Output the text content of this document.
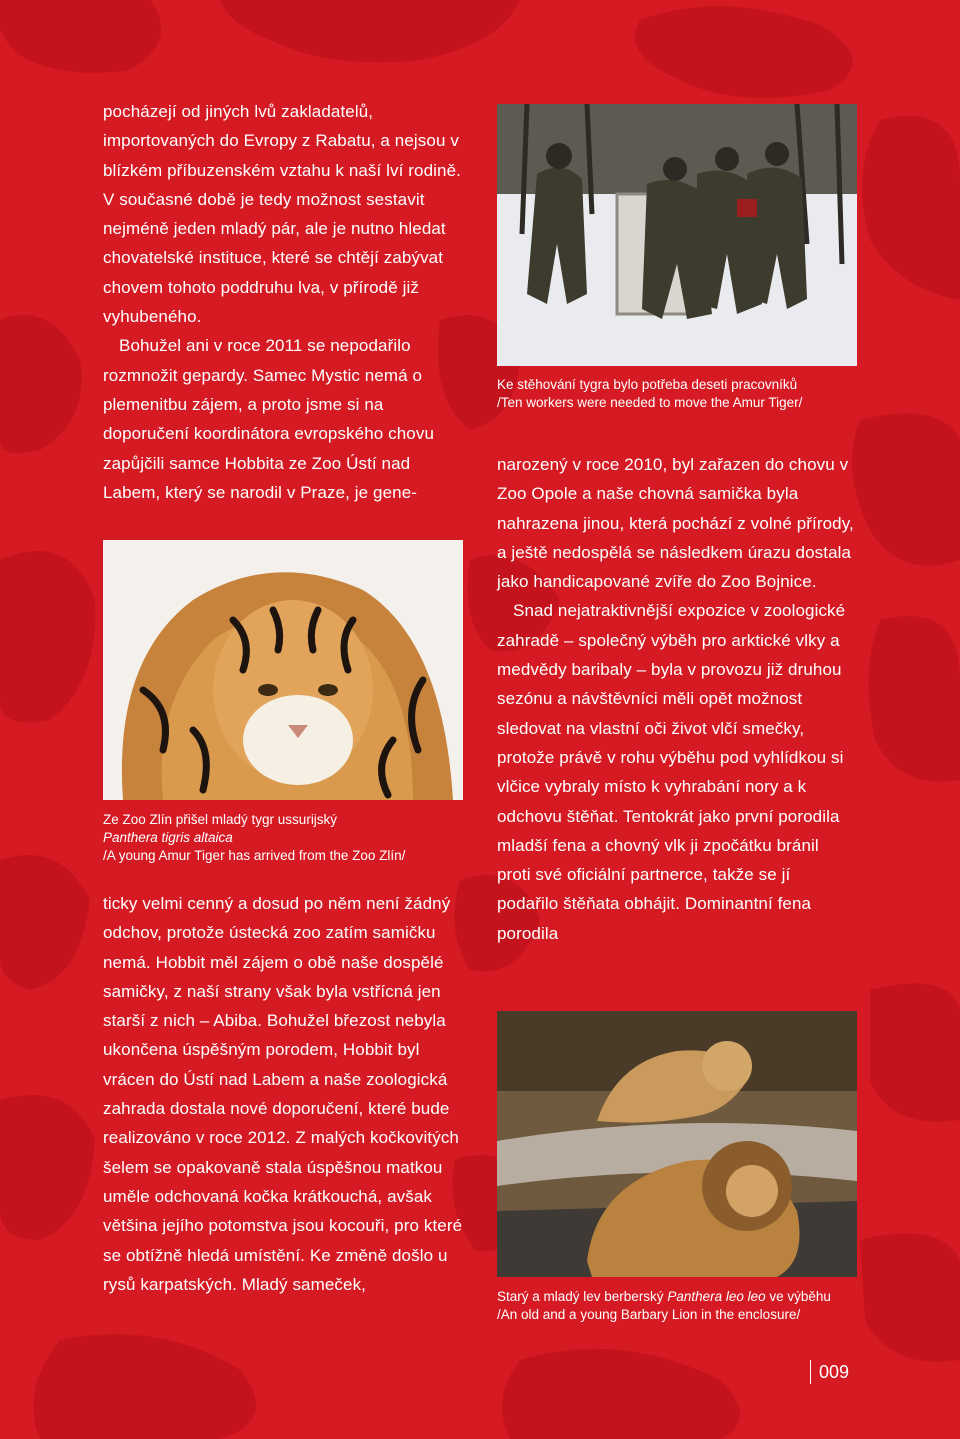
pocházejí od jiných lvů zakladatelů, importovaných do Evropy z Rabatu, a nejsou v blízkém příbuzenském vztahu k naší lví rodině. V současné době je tedy možnost sestavit nejméně jeden mladý pár, ale je nutno hledat chovatelské instituce, které se chtějí zabývat chovem tohoto poddruhu lva, v přírodě již vyhubeného.

Bohužel ani v roce 2011 se nepodařilo rozmnožit gepardy. Samec Mystic nemá o plemenitbu zájem, a proto jsme si na doporučení koordinátora evropského chovu zapůjčili samce Hobbita ze Zoo Ústí nad Labem, který se narodil v Praze, je gene-

Ze Zoo Zlín přišel mladý tygr ussurijský
Panthera tigris altaica
/A young Amur Tiger has arrived from the Zoo Zlín/

ticky velmi cenný a dosud po něm není žádný odchov, protože ústecká zoo zatím samičku nemá. Hobbit měl zájem o obě naše dospělé samičky, z naší strany však byla vstřícná jen starší z nich – Abiba. Bohužel březost nebyla ukončena úspěšným porodem, Hobbit byl vrácen do Ústí nad Labem a naše zoologická zahrada dostala nové doporučení, které bude realizováno v roce 2012. Z malých kočkovitých šelem se opakovaně stala úspěšnou matkou uměle odchovaná kočka krátkouchá, avšak většina jejího potomstva jsou kocouři, pro které se obtížně hledá umístění. Ke změně došlo u rysů karpatských. Mladý sameček,

Ke stěhování tygra bylo potřeba deseti pracovníků
/Ten workers were needed to move the Amur Tiger/

narozený v roce 2010, byl zařazen do chovu v Zoo Opole a naše chovná samička byla nahrazena jinou, která pochází z volné přírody, a ještě nedospělá se následkem úrazu dostala jako handicapované zvíře do Zoo Bojnice.

Snad nejatraktivnější expozice v zoologické zahradě – společný výběh pro arktické vlky a medvědy baribaly – byla v provozu již druhou sezónu a návštěvníci měli opět možnost sledovat na vlastní oči život vlčí smečky, protože právě v rohu výběhu pod vyhlídkou si vlčice vybraly místo k vyhrabání nory a k odchovu štěňat. Tentokrát jako první porodila mladší fena a chovný vlk ji zpočátku bránil proti své oficiální partnerce, takže se jí podařilo štěňata obhájit. Dominantní fena porodila

Starý a mladý lev berberský Panthera leo leo ve výběhu
/An old and a young Barbary Lion in the enclosure/
009
